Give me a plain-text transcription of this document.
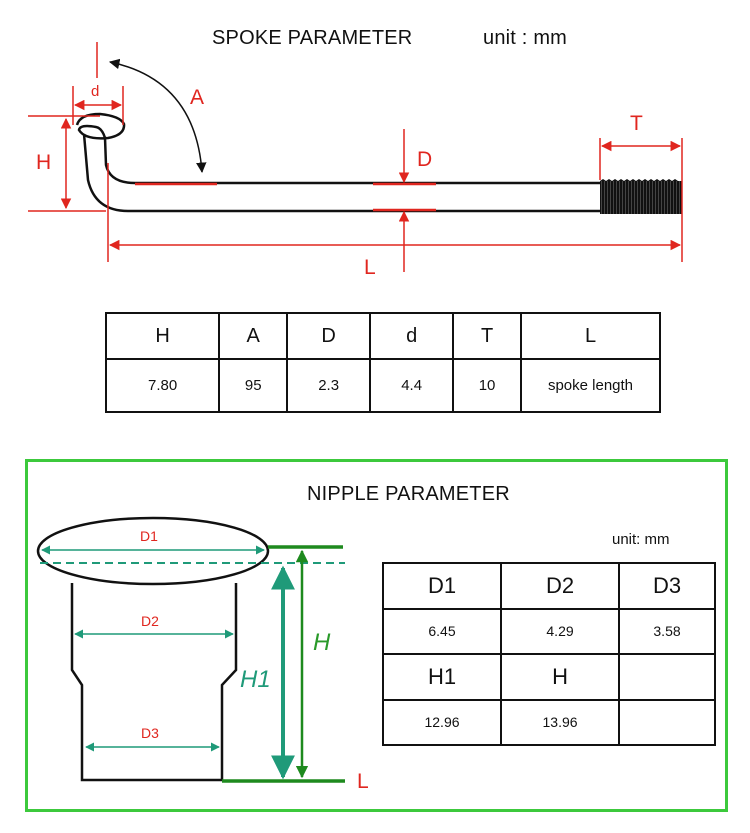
SPOKE PARAMETER	unit : mm
d	A
H	D
T
L
H	A	D	d	T	L
7.80	95	2.3	4.4	10	spoke length
NIPPLE PARAMETER
unit: mm
D1
D2
D3
H
H1
L
D1	D2	D3
6.45	4.29	3.58
H1	H	
12.96	13.96	
